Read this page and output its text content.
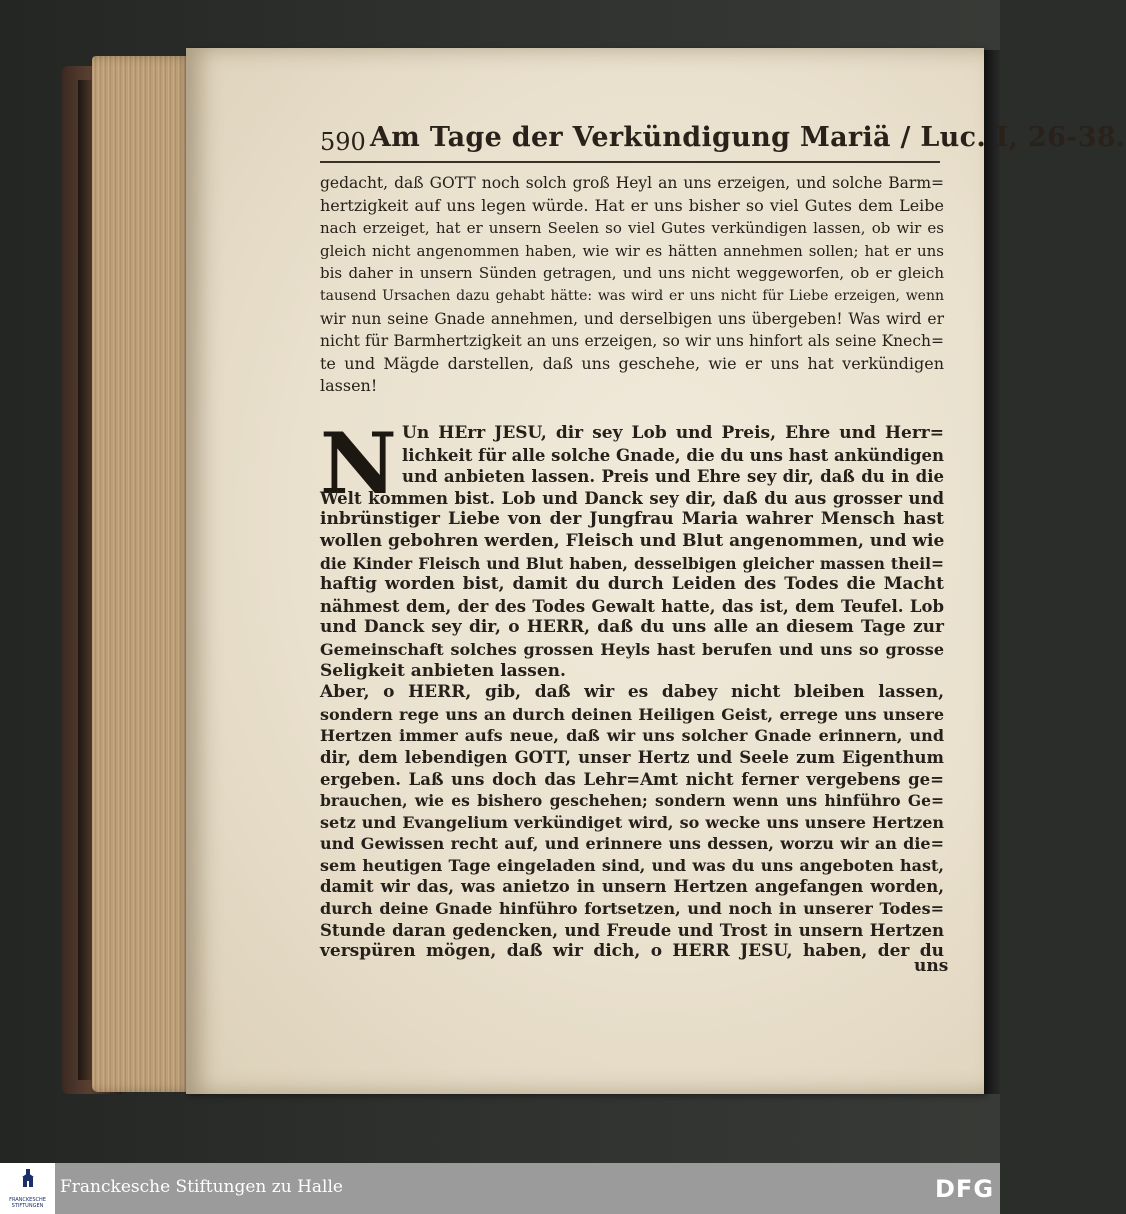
590 Am Tage der Verkündigung Mariä / Luc. I, 26-38.
gedacht, daß GOTT noch solch groß Heyl an uns erzeigen, und solche Barm=
hertzigkeit auf uns legen würde. Hat er uns bisher so viel Gutes dem Leibe
nach erzeiget, hat er unsern Seelen so viel Gutes verkündigen lassen, ob wir es
gleich nicht angenommen haben, wie wir es hätten annehmen sollen; hat er uns
bis daher in unsern Sünden getragen, und uns nicht weggeworfen, ob er gleich
tausend Ursachen dazu gehabt hätte: was wird er uns nicht für Liebe erzeigen, wenn
wir nun seine Gnade annehmen, und derselbigen uns übergeben! Was wird er
nicht für Barmhertzigkeit an uns erzeigen, so wir uns hinfort als seine Knech=
te und Mägde darstellen, daß uns geschehe, wie er uns hat verkündigen
lassen!
N Un HErr JESU, dir sey Lob und Preis, Ehre und Herr=
lichkeit für alle solche Gnade, die du uns hast ankündigen
und anbieten lassen. Preis und Ehre sey dir, daß du in die
Welt kommen bist. Lob und Danck sey dir, daß du aus grosser und
inbrünstiger Liebe von der Jungfrau Maria wahrer Mensch hast
wollen gebohren werden, Fleisch und Blut angenommen, und wie
die Kinder Fleisch und Blut haben, desselbigen gleicher massen theil=
haftig worden bist, damit du durch Leiden des Todes die Macht
nähmest dem, der des Todes Gewalt hatte, das ist, dem Teufel. Lob
und Danck sey dir, o HERR, daß du uns alle an diesem Tage zur
Gemeinschaft solches grossen Heyls hast berufen und uns so grosse
Seligkeit anbieten lassen.
Aber, o HERR, gib, daß wir es dabey nicht bleiben lassen,
sondern rege uns an durch deinen Heiligen Geist, errege uns unsere
Hertzen immer aufs neue, daß wir uns solcher Gnade erinnern, und
dir, dem lebendigen GOTT, unser Hertz und Seele zum Eigenthum
ergeben. Laß uns doch das Lehr=Amt nicht ferner vergebens ge=
brauchen, wie es bishero geschehen; sondern wenn uns hinführo Ge=
setz und Evangelium verkündiget wird, so wecke uns unsere Hertzen
und Gewissen recht auf, und erinnere uns dessen, worzu wir an die=
sem heutigen Tage eingeladen sind, und was du uns angeboten hast,
damit wir das, was anietzo in unsern Hertzen angefangen worden,
durch deine Gnade hinführo fortsetzen, und noch in unserer Todes=
Stunde daran gedencken, und Freude und Trost in unsern Hertzen
verspüren mögen, daß wir dich, o HERR JESU, haben, der du
uns
FRANCKESCHE STIFTUNGEN
Franckesche Stiftungen zu Halle	DFG
